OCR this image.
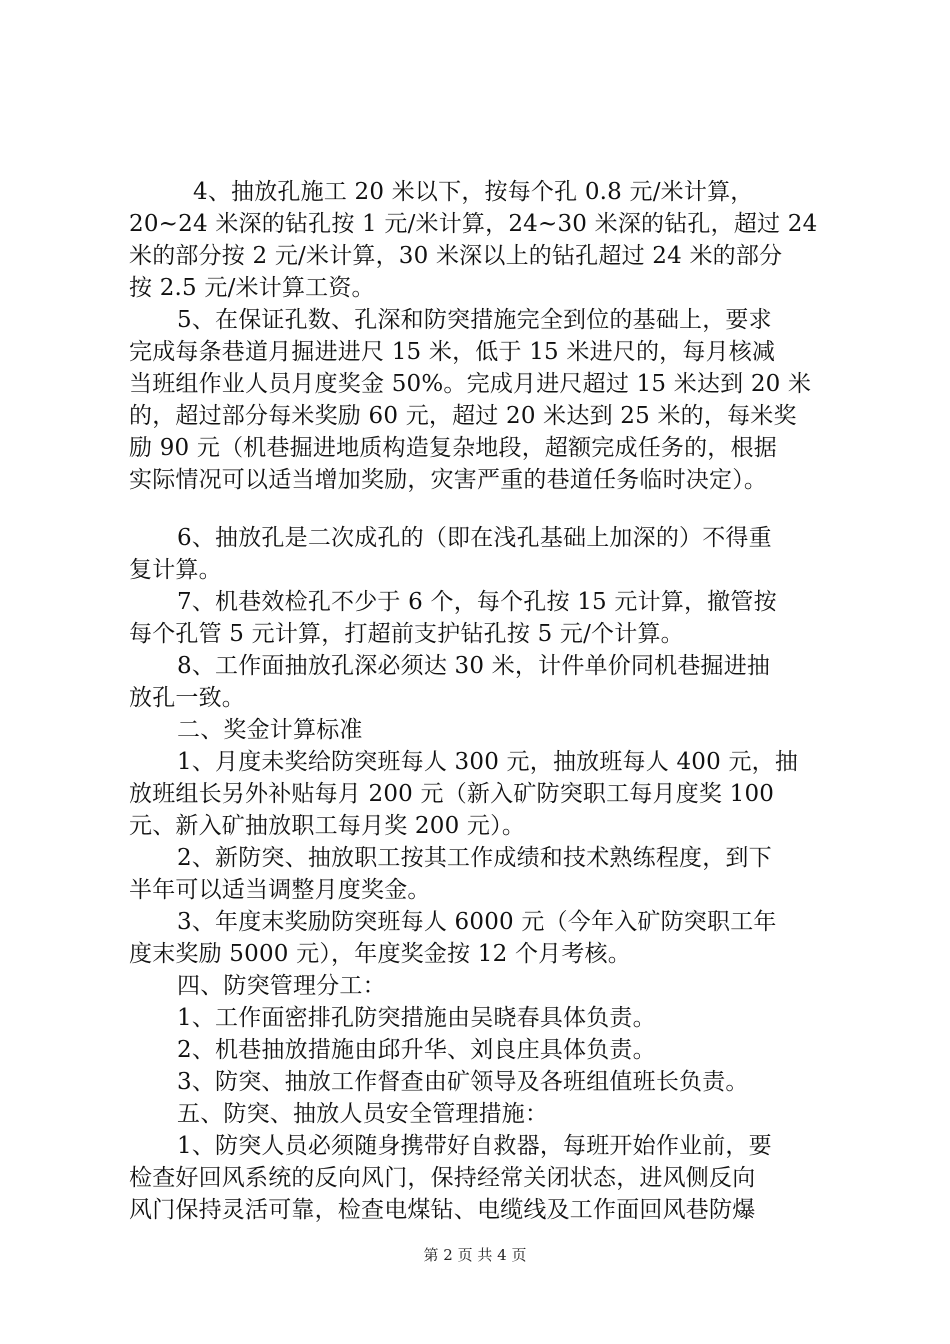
4、抽放孔施工 20 米以下，按每个孔 0.8 元/米计算，
20~24 米深的钻孔按 1 元/米计算，24~30 米深的钻孔，超过 24
米的部分按 2 元/米计算，30 米深以上的钻孔超过 24 米的部分
按 2.5 元/米计算工资。
5、在保证孔数、孔深和防突措施完全到位的基础上，要求
完成每条巷道月掘进进尺 15 米，低于 15 米进尺的，每月核减
当班组作业人员月度奖金 50%。完成月进尺超过 15 米达到 20 米
的，超过部分每米奖励 60 元，超过 20 米达到 25 米的，每米奖
励 90 元（机巷掘进地质构造复杂地段，超额完成任务的，根据
实际情况可以适当增加奖励，灾害严重的巷道任务临时决定）。
6、抽放孔是二次成孔的（即在浅孔基础上加深的）不得重
复计算。
7、机巷效检孔不少于 6 个，每个孔按 15 元计算，撤管按
每个孔管 5 元计算，打超前支护钻孔按 5 元/个计算。
8、工作面抽放孔深必须达 30 米，计件单价同机巷掘进抽
放孔一致。
二、奖金计算标准
1、月度未奖给防突班每人 300 元，抽放班每人 400 元，抽
放班组长另外补贴每月 200 元（新入矿防突职工每月度奖 100
元、新入矿抽放职工每月奖 200 元）。
2、新防突、抽放职工按其工作成绩和技术熟练程度，到下
半年可以适当调整月度奖金。
3、年度末奖励防突班每人 6000 元（今年入矿防突职工年
度末奖励 5000 元），年度奖金按 12 个月考核。
四、防突管理分工：
1、工作面密排孔防突措施由吴晓春具体负责。
2、机巷抽放措施由邱升华、刘良庄具体负责。
3、防突、抽放工作督查由矿领导及各班组值班长负责。
五、防突、抽放人员安全管理措施：
1、防突人员必须随身携带好自救器，每班开始作业前，要
检查好回风系统的反向风门，保持经常关闭状态，进风侧反向
风门保持灵活可靠，检查电煤钻、电缆线及工作面回风巷防爆
第 2 页 共 4 页
